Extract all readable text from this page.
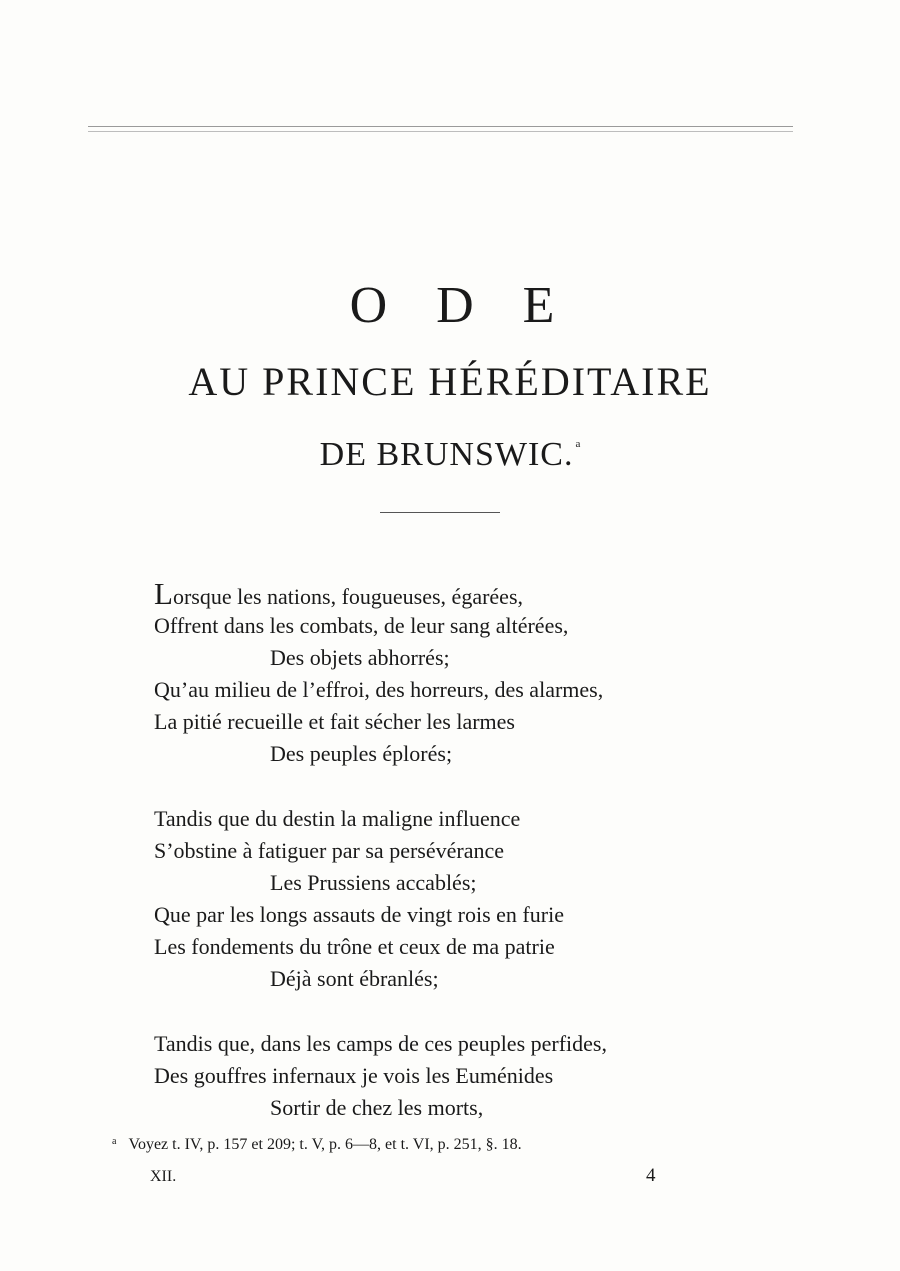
O D E
AU PRINCE HÉRÉDITAIRE
DE BRUNSWIC. $^a$
Lorsque les nations, fougueuses, égarées,
Offrent dans les combats, de leur sang altérées,
Des objets abhorrés;
Qu’au milieu de l’effroi, des horreurs, des alarmes,
La pitié recueille et fait sécher les larmes
Des peuples éplorés;
Tandis que du destin la maligne influence
S’obstine à fatiguer par sa persévérance
Les Prussiens accablés;
Que par les longs assauts de vingt rois en furie
Les fondements du trône et ceux de ma patrie
Déjà sont ébranlés;
Tandis que, dans les camps de ces peuples perfides,
Des gouffres infernaux je vois les Euménides
Sortir de chez les morts,
$^a$ Voyez t. IV, p. 157 et 209; t. V, p. 6—8, et t. VI, p. 251, §. 18.
XII.	4
